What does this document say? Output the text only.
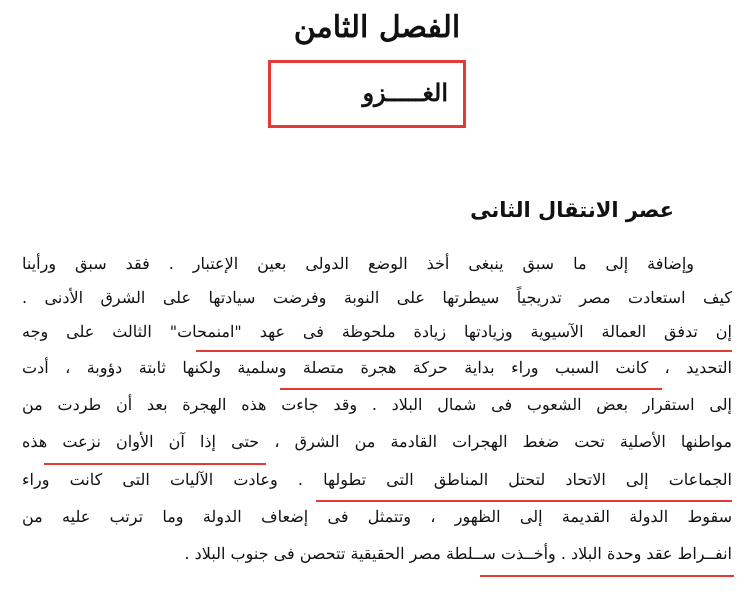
الفصل الثامن
الغـــــزو
عصر الانتقال الثانى
وإضافة إلى ما سبق ينبغى أخذ الوضع الدولى بعين الإعتبار . فقد سبق ورأينا
كيف استعادت مصر تدريجياً سيطرتها على النوبة وفرضت سيادتها على الشرق الأدنى .
إن تدفق العمالة الآسيوية وزيادتها زيادة ملحوظة فى عهد "امنمحات" الثالث على وجه
التحديد ، كانت السبب وراء بداية حركة هجرة متصلة وسلمية ولكنها ثابتة دؤوبة ، أدت
إلى استقرار بعض الشعوب فى شمال البلاد . وقد جاءت هذه الهجرة بعد أن طردت من
مواطنها الأصلية تحت ضغط الهجرات القادمة من الشرق ، حتى إذا آن الأوان نزعت هذه
الجماعات إلى الاتحاد لتحتل المناطق التى تطولها . وعادت الآليات التى كانت وراء
سقوط الدولة القديمة إلى الظهور ، وتتمثل فى إضعاف الدولة وما ترتب عليه من
انفــراط عقد وحدة البلاد . وأخــذت ســلطة مصر الحقيقية تتحصن فى جنوب البلاد .
